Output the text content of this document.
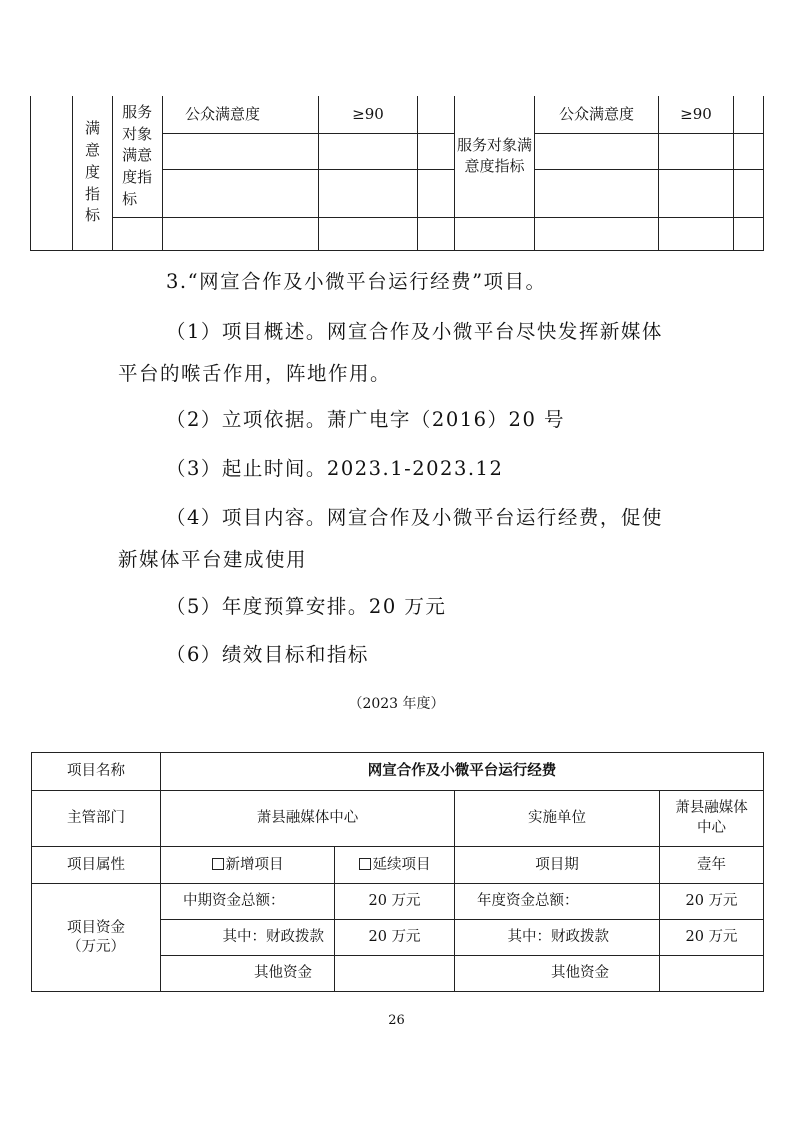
	满意度指标	服务对象满意度指标	公众满意度	≥90		服务对象满意度指标	公众满意度	≥90	

3.“网宣合作及小微平台运行经费”项目。
（1）项目概述。网宣合作及小微平台尽快发挥新媒体
平台的喉舌作用，阵地作用。
（2）立项依据。萧广电字（2016）20 号
（3）起止时间。2023.1-2023.12
（4）项目内容。网宣合作及小微平台运行经费，促使
新媒体平台建成使用
（5）年度预算安排。20 万元
（6）绩效目标和指标
（2023 年度）
项目名称	网宣合作及小微平台运行经费			
主管部门	萧县融媒体中心		实施单位	萧县融媒体中心

项目属性	新增项目	延续项目	项目期	壹年

项目资金
（万元）	中期资金总额：	20 万元	年度资金总额：	20 万元
	其中：财政拨款	20 万元	其中：财政拨款	20 万元
	其他资金		其他资金	
26
